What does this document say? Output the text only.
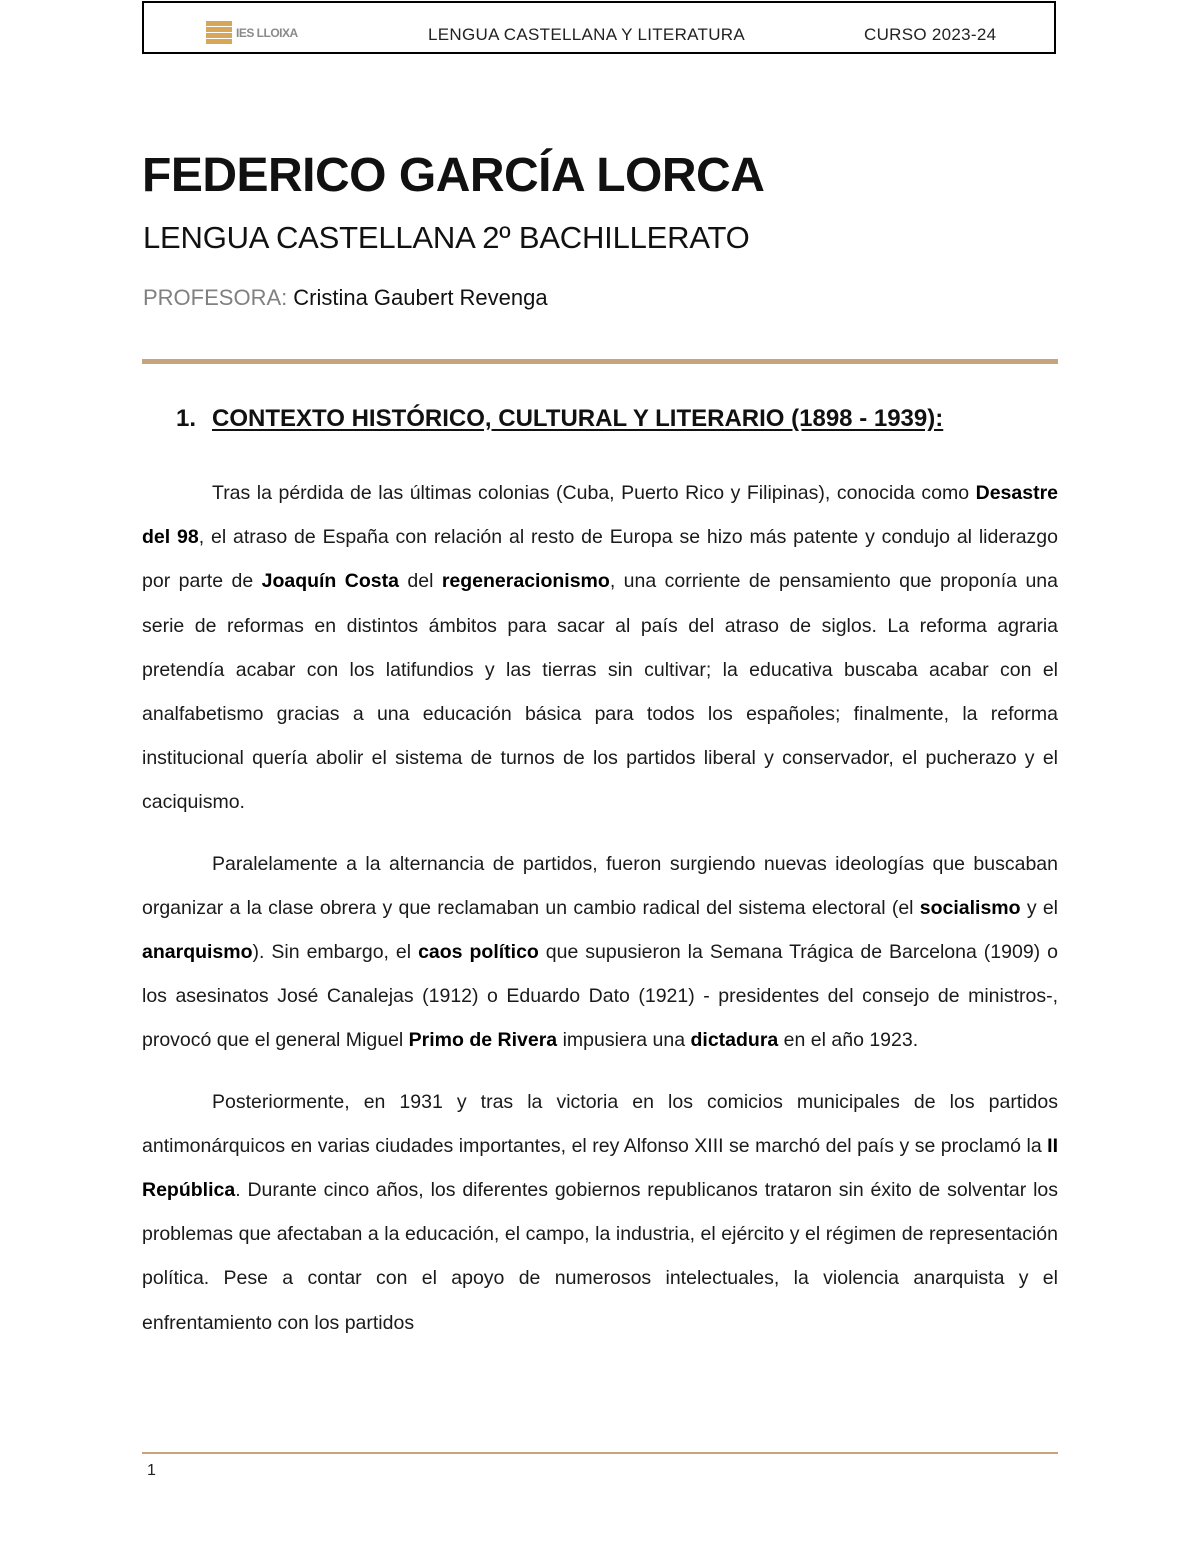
IES LLOIXA	LENGUA CASTELLANA Y LITERATURA	CURSO 2023-24
FEDERICO GARCÍA LORCA
LENGUA CASTELLANA 2º BACHILLERATO
PROFESORA: Cristina Gaubert Revenga
1. CONTEXTO HISTÓRICO, CULTURAL Y LITERARIO (1898 - 1939):

Tras la pérdida de las últimas colonias (Cuba, Puerto Rico y Filipinas), conocida como Desastre del 98, el atraso de España con relación al resto de Europa se hizo más patente y condujo al liderazgo por parte de Joaquín Costa del regeneracionismo, una corriente de pensamiento que proponía una serie de reformas en distintos ámbitos para sacar al país del atraso de siglos. La reforma agraria pretendía acabar con los latifundios y las tierras sin cultivar; la educativa buscaba acabar con el analfabetismo gracias a una educación básica para todos los españoles; finalmente, la reforma institucional quería abolir el sistema de turnos de los partidos liberal y conservador, el pucherazo y el caciquismo.

Paralelamente a la alternancia de partidos, fueron surgiendo nuevas ideologías que buscaban organizar a la clase obrera y que reclamaban un cambio radical del sistema electoral (el socialismo y el anarquismo). Sin embargo, el caos político que supusieron la Semana Trágica de Barcelona (1909) o los asesinatos José Canalejas (1912) o Eduardo Dato (1921) - presidentes del consejo de ministros-, provocó que el general Miguel Primo de Rivera impusiera una dictadura en el año 1923.

Posteriormente, en 1931 y tras la victoria en los comicios municipales de los partidos antimonárquicos en varias ciudades importantes, el rey Alfonso XIII se marchó del país y se proclamó la II República. Durante cinco años, los diferentes gobiernos republicanos trataron sin éxito de solventar los problemas que afectaban a la educación, el campo, la industria, el ejército y el régimen de representación política. Pese a contar con el apoyo de numerosos intelectuales, la violencia anarquista y el enfrentamiento con los partidos

1
